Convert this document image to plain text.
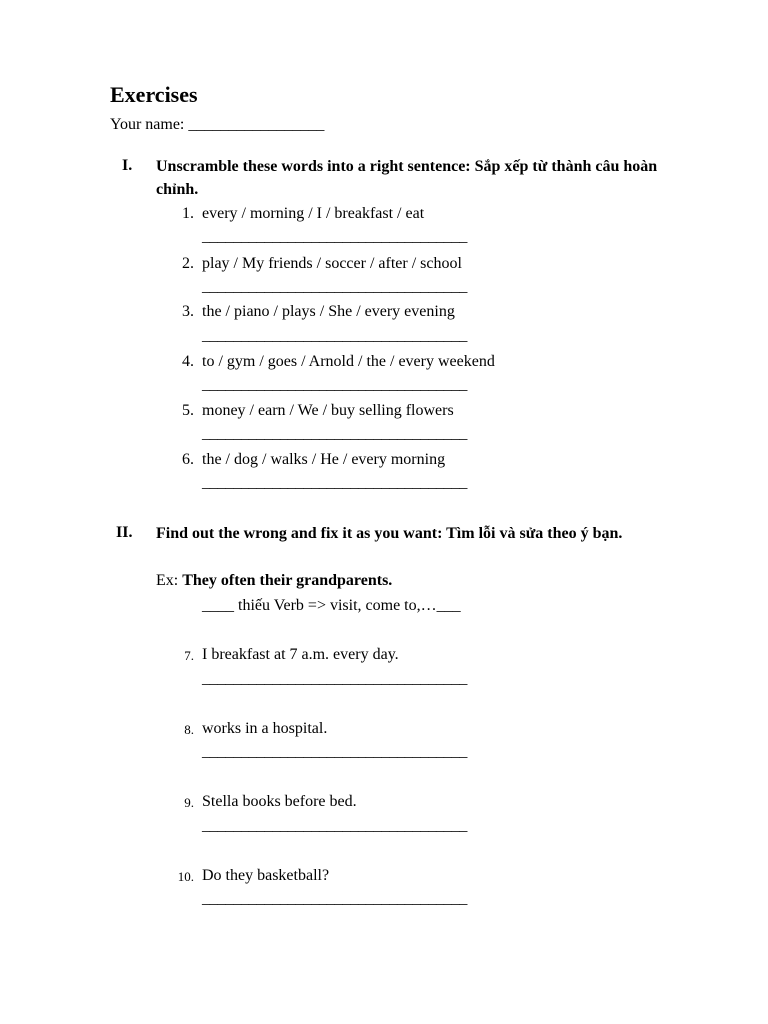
Exercises
Your name: _________________
I. Unscramble these words into a right sentence: Sắp xếp từ thành câu hoàn chỉnh.
1. every / morning / I / breakfast / eat
__________________________________
2. play / My friends / soccer / after / school
__________________________________
3. the / piano / plays / She / every evening
__________________________________
4. to / gym / goes / Arnold / the / every weekend
__________________________________
5. money / earn / We / buy selling flowers
__________________________________
6. the / dog / walks / He / every morning
__________________________________
II. Find out the wrong and fix it as you want: Tìm lỗi và sửa theo ý bạn.
Ex: They often their grandparents.
____ thiếu Verb => visit, come to,…___
7. I breakfast at 7 a.m. every day.
__________________________________
8. works in a hospital.
__________________________________
9. Stella books before bed.
__________________________________
10. Do they basketball?
__________________________________
